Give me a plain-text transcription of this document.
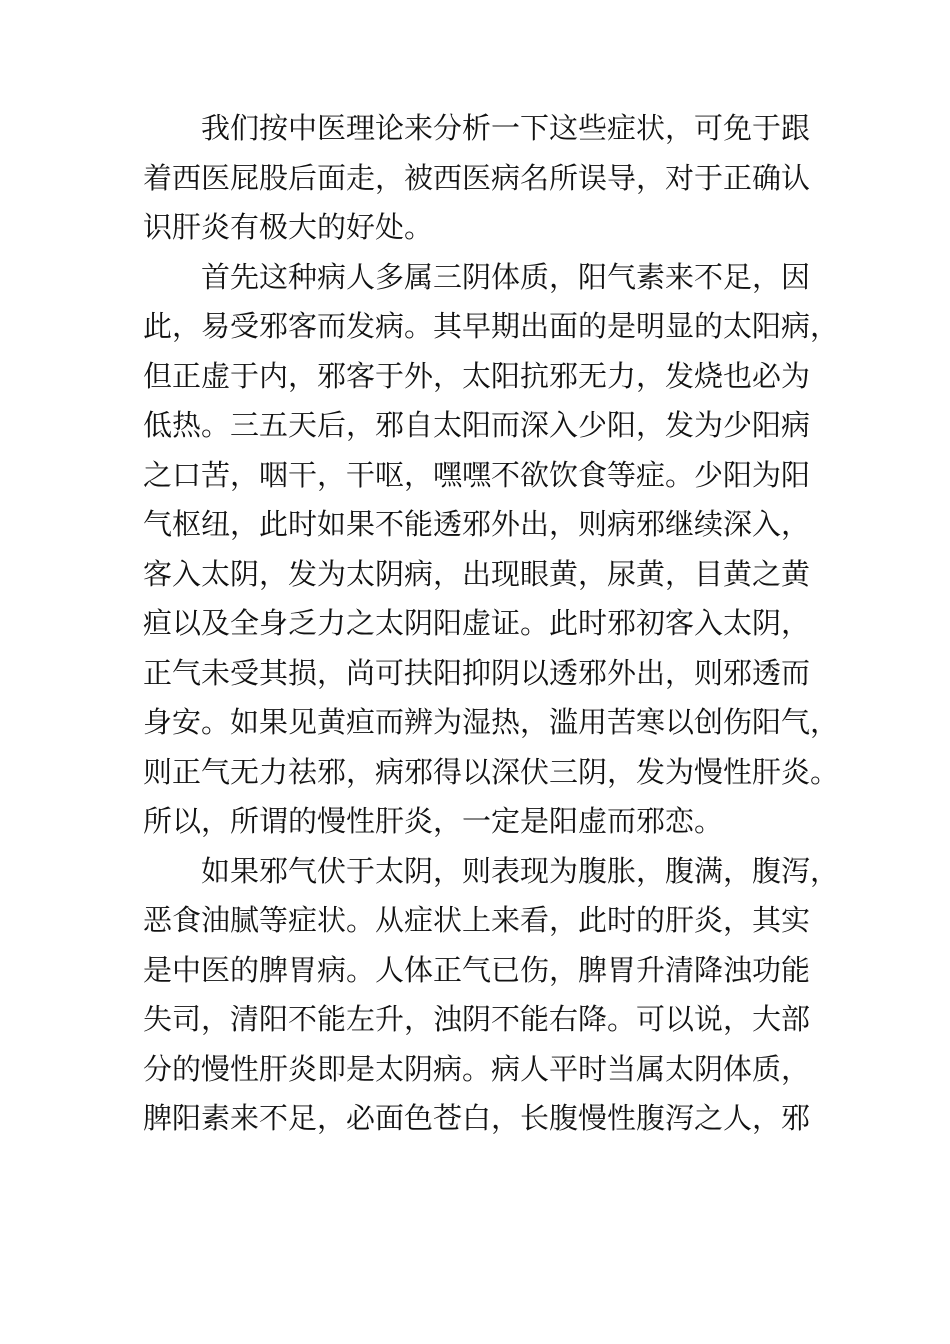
我们按中医理论来分析一下这些症状，可免于跟
着西医屁股后面走，被西医病名所误导，对于正确认
识肝炎有极大的好处。
首先这种病人多属三阴体质，阳气素来不足，因
此，易受邪客而发病。其早期出面的是明显的太阳病，
但正虚于内，邪客于外，太阳抗邪无力，发烧也必为
低热。三五天后，邪自太阳而深入少阳，发为少阳病
之口苦，咽干，干呕，嘿嘿不欲饮食等症。少阳为阳
气枢纽，此时如果不能透邪外出，则病邪继续深入，
客入太阴，发为太阴病，出现眼黄，尿黄，目黄之黄
疸以及全身乏力之太阴阳虚证。此时邪初客入太阴，
正气未受其损，尚可扶阳抑阴以透邪外出，则邪透而
身安。如果见黄疸而辨为湿热，滥用苦寒以创伤阳气，
则正气无力祛邪，病邪得以深伏三阴，发为慢性肝炎。
所以，所谓的慢性肝炎，一定是阳虚而邪恋。
如果邪气伏于太阴，则表现为腹胀，腹满，腹泻，
恶食油腻等症状。从症状上来看，此时的肝炎，其实
是中医的脾胃病。人体正气已伤，脾胃升清降浊功能
失司，清阳不能左升，浊阴不能右降。可以说，大部
分的慢性肝炎即是太阴病。病人平时当属太阴体质，
脾阳素来不足，必面色苍白，长腹慢性腹泻之人，邪
